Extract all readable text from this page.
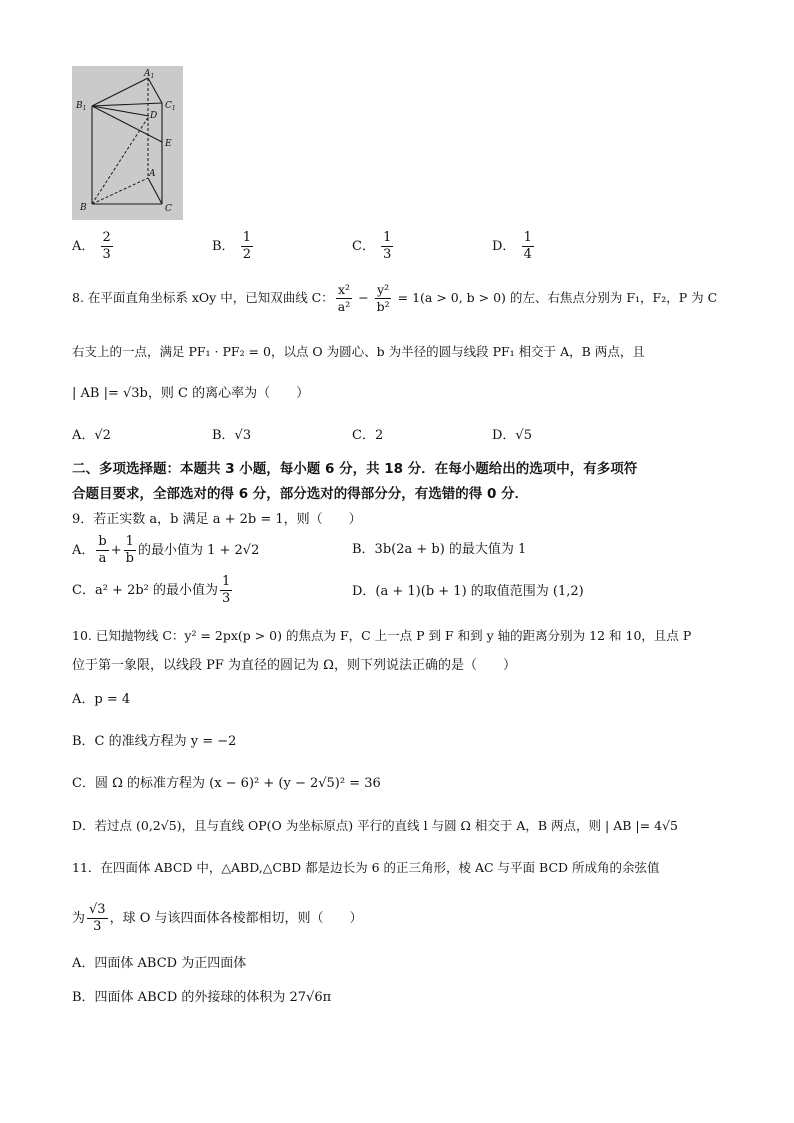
$A_1$
$B_1$	$C_1$
D
E
A
B	C
A． $\frac{2}{3}$	B． $\frac{1}{2}$	C． $\frac{1}{3}$	D． $\frac{1}{4}$
8. 在平面直角坐标系 xOy 中，已知双曲线 C： $\frac{\text{x²}}{\text{a²}} - \frac{\text{y²}}{\text{b²}} = 1(a > 0$, b > 0) 的左、右焦点分别为 F₁，F₂，P 为 C
右支上的一点，满足 PF₁ · PF₂ = 0，以点 O 为圆心、b 为半径的圆与线段 PF₁ 相交于 A，B 两点，且
| AB |= √3b，则 C 的离心率为（　　）
A．√2	B．√3	C．2	D．√5
二、多项选择题：本题共 3 小题，每小题 6 分，共 18 分．在每小题给出的选项中，有多项符
合题目要求，全部选对的得 6 分，部分选对的得部分分，有选错的得 0 分．
9．若正实数 a，b 满足 a + 2b = 1，则（　　）
A． $\frac{b}{a} + \frac{1}{b}$ 的最小值为 1 + 2√2	B．3b(2a + b) 的最大值为 1
C．a² + 2b² 的最小值为 $\frac{1}{3}$	D．(a + 1)(b + 1) 的取值范围为 (1,2)
10. 已知抛物线 C：y² = 2px(p > 0) 的焦点为 F，C 上一点 P 到 F 和到 y 轴的距离分别为 12 和 10，且点 P
位于第一象限，以线段 PF 为直径的圆记为 Ω，则下列说法正确的是（　　）
A．p = 4
B．C 的准线方程为 y = −2
C．圆 Ω 的标准方程为 (x − 6)² + (y − 2√5)² = 36
D．若过点 (0,2√5)，且与直线 OP(O 为坐标原点) 平行的直线 l 与圆 Ω 相交于 A，B 两点，则 | AB |= 4√5
11．在四面体 ABCD 中，△ABD,△CBD 都是边长为 6 的正三角形，棱 AC 与平面 BCD 所成角的余弦值
为 $\frac{√3}{3}$ ，球 O 与该四面体各棱都相切，则（　　）
A．四面体 ABCD 为正四面体
B．四面体 ABCD 的外接球的体积为 27√6π
